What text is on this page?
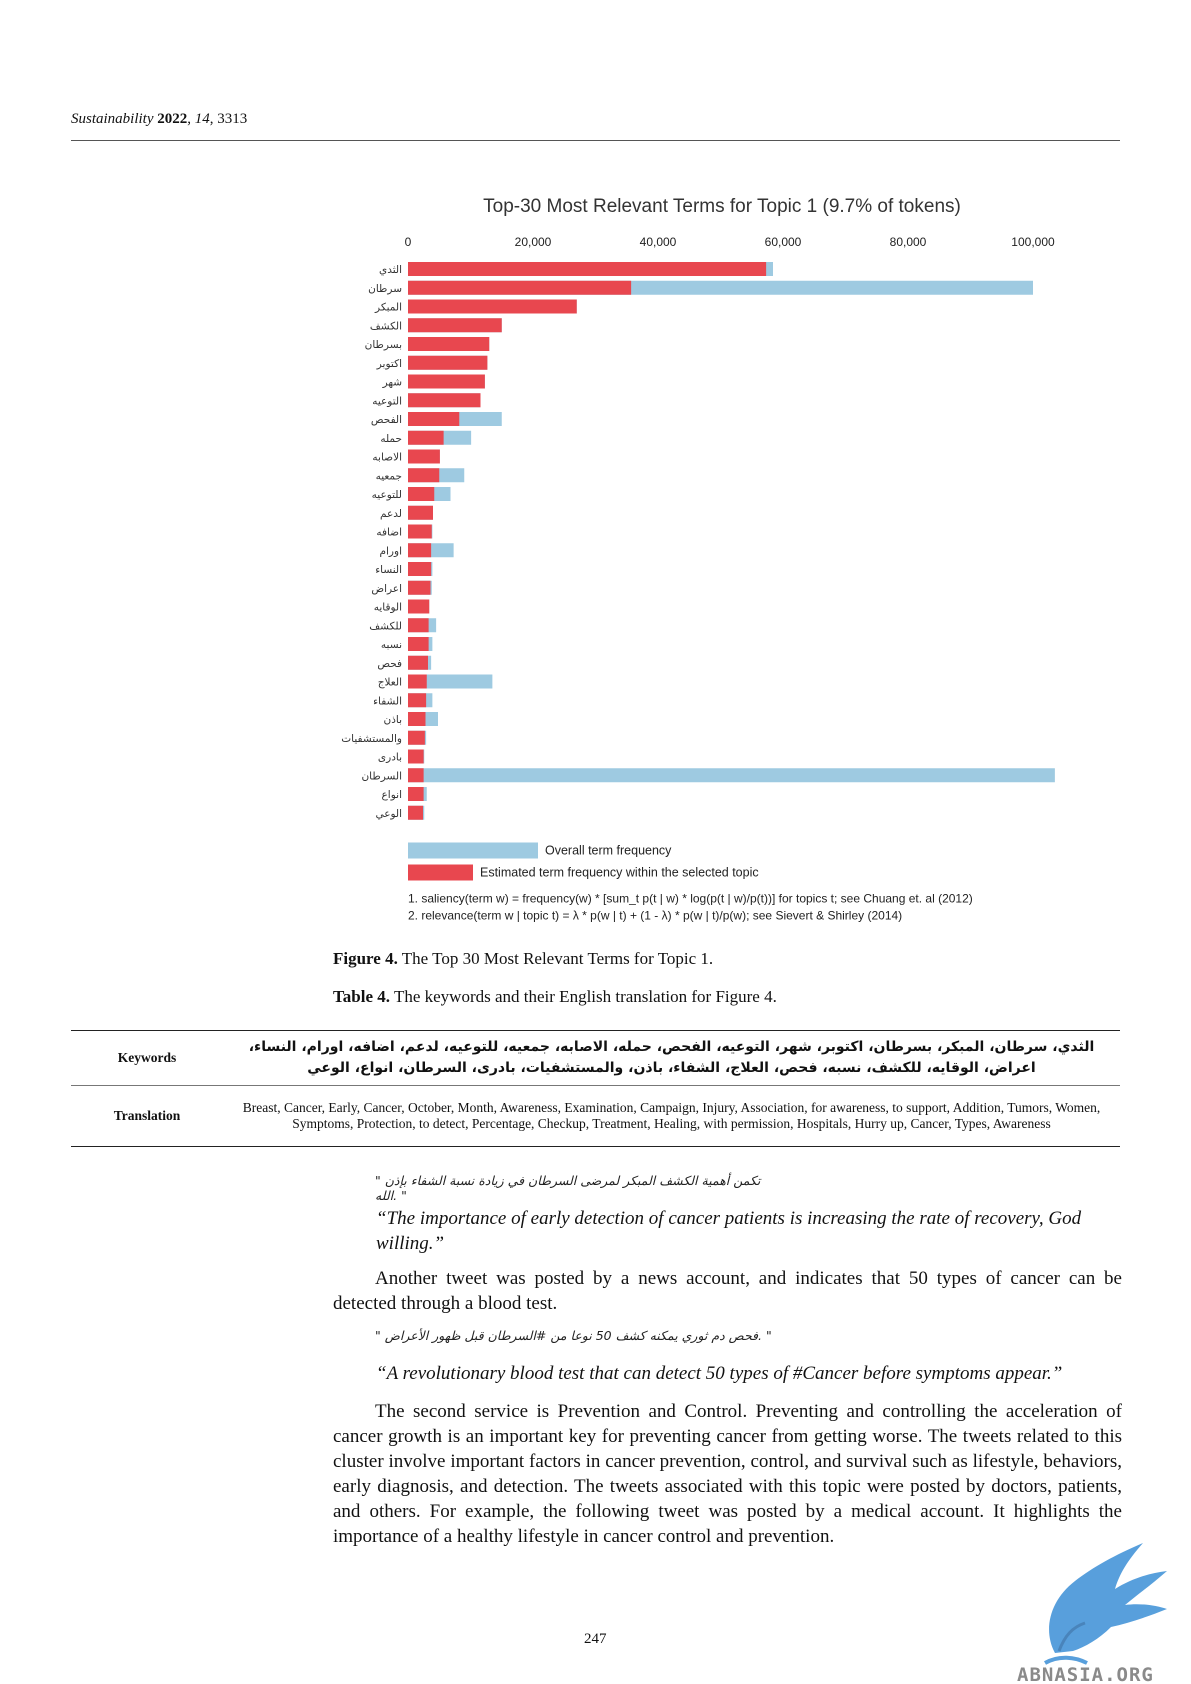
Sustainability 2022, 14, 3313
Top-30 Most Relevant Terms for Topic 1 (9.7% of tokens)
0	20,000	40,000	60,000	80,000	100,000
الثدي
سرطان
المبكر
الكشف
بسرطان
اكتوبر
شهر
التوعيه
الفحص
حمله
الاصابه
جمعيه
للتوعيه
لدعم
اضافه
اورام
النساء
اعراض
الوقايه
للكشف
نسبه
فحص
العلاج
الشفاء
باذن
والمستشفيات
بادرى
السرطان
انواع
الوعي
Overall term frequency
Estimated term frequency within the selected topic
1. saliency(term w) = frequency(w) * [sum_t p(t | w) * log(p(t | w)/p(t))] for topics t; see Chuang et. al (2012)
2. relevance(term w | topic t) = λ * p(w | t) + (1 - λ) * p(w | t)/p(w); see Sievert & Shirley (2014)
Figure 4. The Top 30 Most Relevant Terms for Topic 1.
Table 4. The keywords and their English translation for Figure 4.
Keywords	الثدي، سرطان، المبكر، بسرطان، اكتوبر، شهر، التوعيه، الفحص، حمله، الاصابه، جمعيه، للتوعيه، لدعم، اضافه، اورام، النساء، اعراض، الوقايه، للكشف، نسبه، فحص، العلاج، الشفاء، باذن، والمستشفيات، بادرى، السرطان، انواع، الوعي
Translation	Breast, Cancer, Early, Cancer, October, Month, Awareness, Examination, Campaign, Injury, Association, for awareness, to support, Addition, Tumors, Women, Symptoms, Protection, to detect, Percentage, Checkup, Treatment, Healing, with permission, Hospitals, Hurry up, Cancer, Types, Awareness
" تكمن أهمية الكشف المبكر لمرضى السرطان في زيادة نسبة الشفاء بإذن الله. "
“The importance of early detection of cancer patients is increasing the rate of recovery, God willing.”
Another tweet was posted by a news account, and indicates that 50 types of cancer can be detected through a blood test.
" فحص دم ثوري يمكنه كشف 50 نوعا من #السرطان قبل ظهور الأعراض. "
“A revolutionary blood test that can detect 50 types of #Cancer before symptoms appear.”
The second service is Prevention and Control. Preventing and controlling the acceleration of cancer growth is an important key for preventing cancer from getting worse. The tweets related to this cluster involve important factors in cancer prevention, control, and survival such as lifestyle, behaviors, early diagnosis, and detection. The tweets associated with this topic were posted by doctors, patients, and others. For example, the following tweet was posted by a medical account. It highlights the importance of a healthy lifestyle in cancer control and prevention.
247
ABNASIA.ORG
